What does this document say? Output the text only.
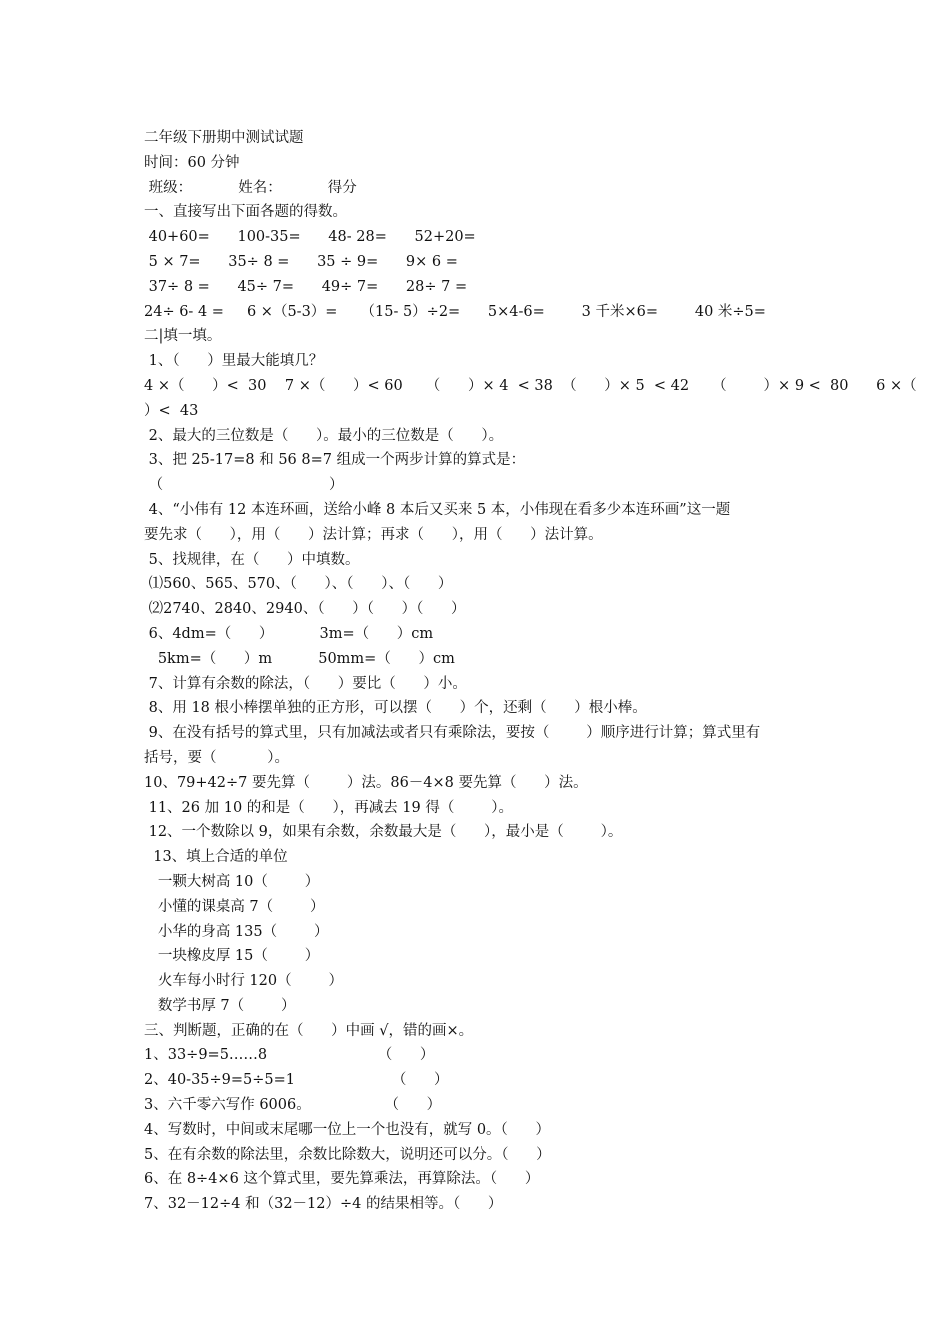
二年级下册期中测试试题
时间：60 分钟
班级：          姓名：          得分
一、直接写出下面各题的得数。
40+60=      100-35=      48- 28=      52+20=
5 × 7=      35÷ 8 =      35 ÷ 9=      9× 6 =
37÷ 8 =      45÷ 7=      49÷ 7=      28÷ 7 =
24÷ 6- 4 =     6 ×（5-3）=     （15- 5）÷2=      5×4-6=        3 千米×6=        40 米÷5=
二|填一填。
1、（      ）里最大能填几？
4 ×（      ）<  30    7 ×（      ）< 60     （      ）× 4  < 38  （      ）× 5  < 42     （        ）× 9 <  80      6 ×（
）<  43
2、最大的三位数是（      ）。最小的三位数是（      ）。
3、把 25-17=8 和 56 8=7 组成一个两步计算的算式是：
（                                    ）
4、“小伟有 12 本连环画，送给小峰 8 本后又买来 5 本，小伟现在看多少本连环画”这一题
要先求（      ），用（      ）法计算；再求（      ），用（      ）法计算。
5、找规律，在（      ）中填数。
⑴560、565、570、（      ）、（      ）、（      ）
⑵2740、2840、2940、（      ）（      ）（      ）
6、4dm=（      ）          3m=（      ）cm
5km=（      ）m          50mm=（      ）cm
7、计算有余数的除法，（      ）要比（      ）小。
8、用 18 根小棒摆单独的正方形，可以摆（      ）个，还剩（      ）根小棒。
9、在没有括号的算式里，只有加减法或者只有乘除法，要按（        ）顺序进行计算；算式里有
括号，要（           ）。
10、79+42÷7 要先算（        ）法。86－4×8 要先算（      ）法。
11、26 加 10 的和是（      ），再减去 19 得（        ）。
12、一个数除以 9，如果有余数，余数最大是（      ），最小是（        ）。
13、填上合适的单位
一颗大树高 10（        ）
小懂的课桌高 7（        ）
小华的身高 135（        ）
一块橡皮厚 15（        ）
火车每小时行 120（        ）
数学书厚 7（        ）
三、判断题，正确的在（      ）中画 √，错的画×。
1、33÷9=5……8                        （      ）
2、40-35÷9=5÷5=1                     （      ）
3、六千零六写作 6006。                （      ）
4、写数时，中间或末尾哪一位上一个也没有，就写 0。（      ）
5、在有余数的除法里，余数比除数大，说明还可以分。（      ）
6、在 8÷4×6 这个算式里，要先算乘法，再算除法。（      ）
7、32－12÷4 和（32－12）÷4 的结果相等。（      ）
